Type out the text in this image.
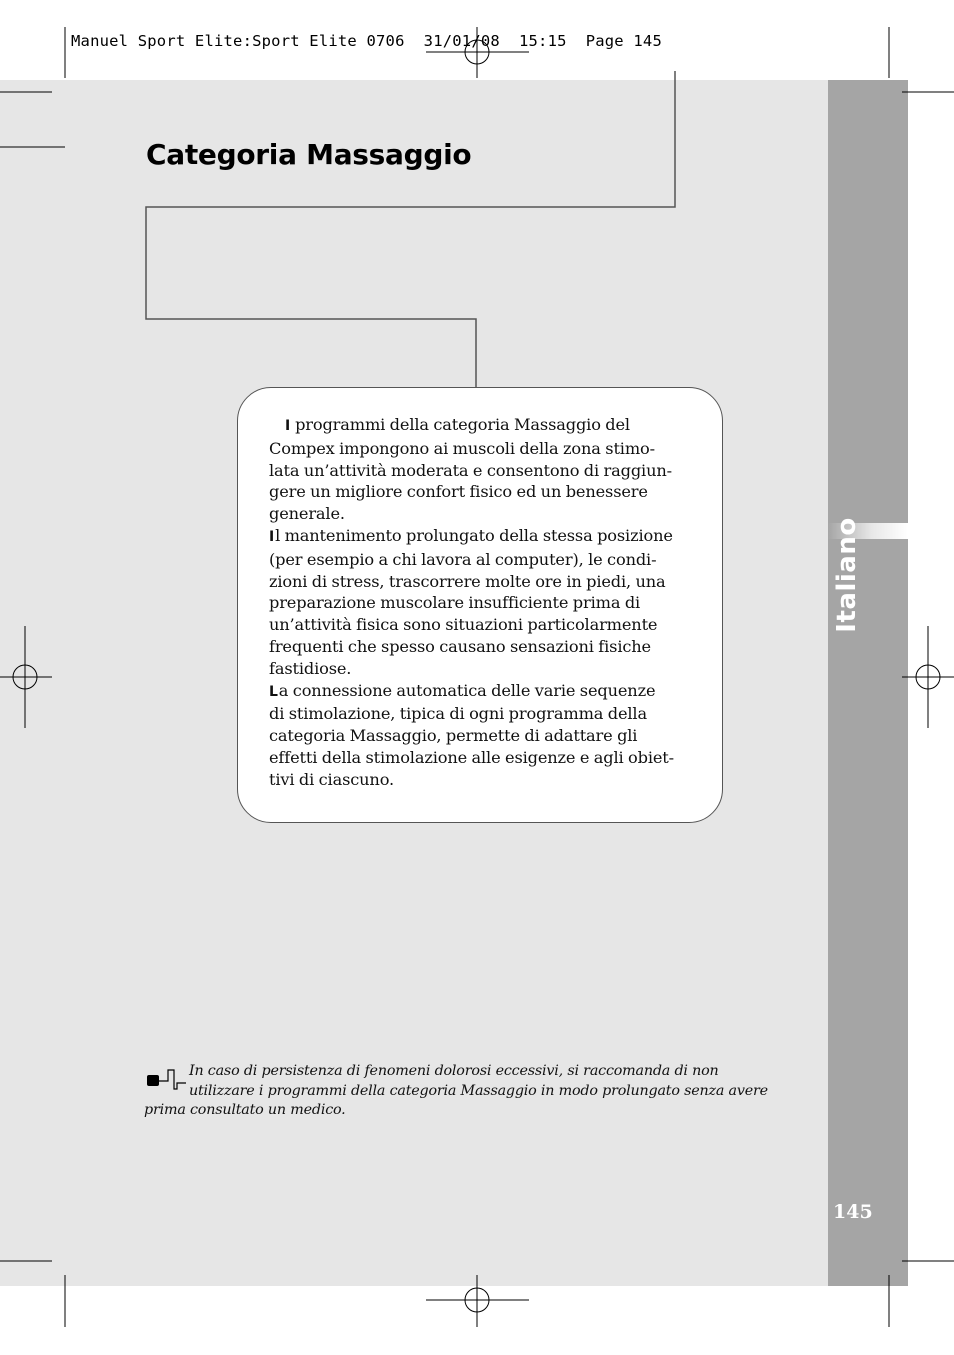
Manuel Sport Elite:Sport Elite 0706  31/01/08  15:15  Page 145
Italiano
145
Categoria Massaggio

I programmi della categoria Massaggio del
Compex impongono ai muscoli della zona stimo-
lata un’attività moderata e consentono di raggiun-
gere un migliore confort fisico ed un benessere
generale.

Il mantenimento prolungato della stessa posizione
(per esempio a chi lavora al computer), le condi-
zioni di stress, trascorrere molte ore in piedi, una
preparazione muscolare insufficiente prima di
un’attività fisica sono situazioni particolarmente
frequenti che spesso causano sensazioni fisiche
fastidiose.

La connessione automatica delle varie sequenze
di stimolazione, tipica di ogni programma della
categoria Massaggio, permette di adattare gli
effetti della stimolazione alle esigenze e agli obiet-
tivi di ciascuno.

In caso di persistenza di fenomeni dolorosi eccessivi, si raccomanda di non
utilizzare i programmi della categoria Massaggio in modo prolungato senza avere
prima consultato un medico.
